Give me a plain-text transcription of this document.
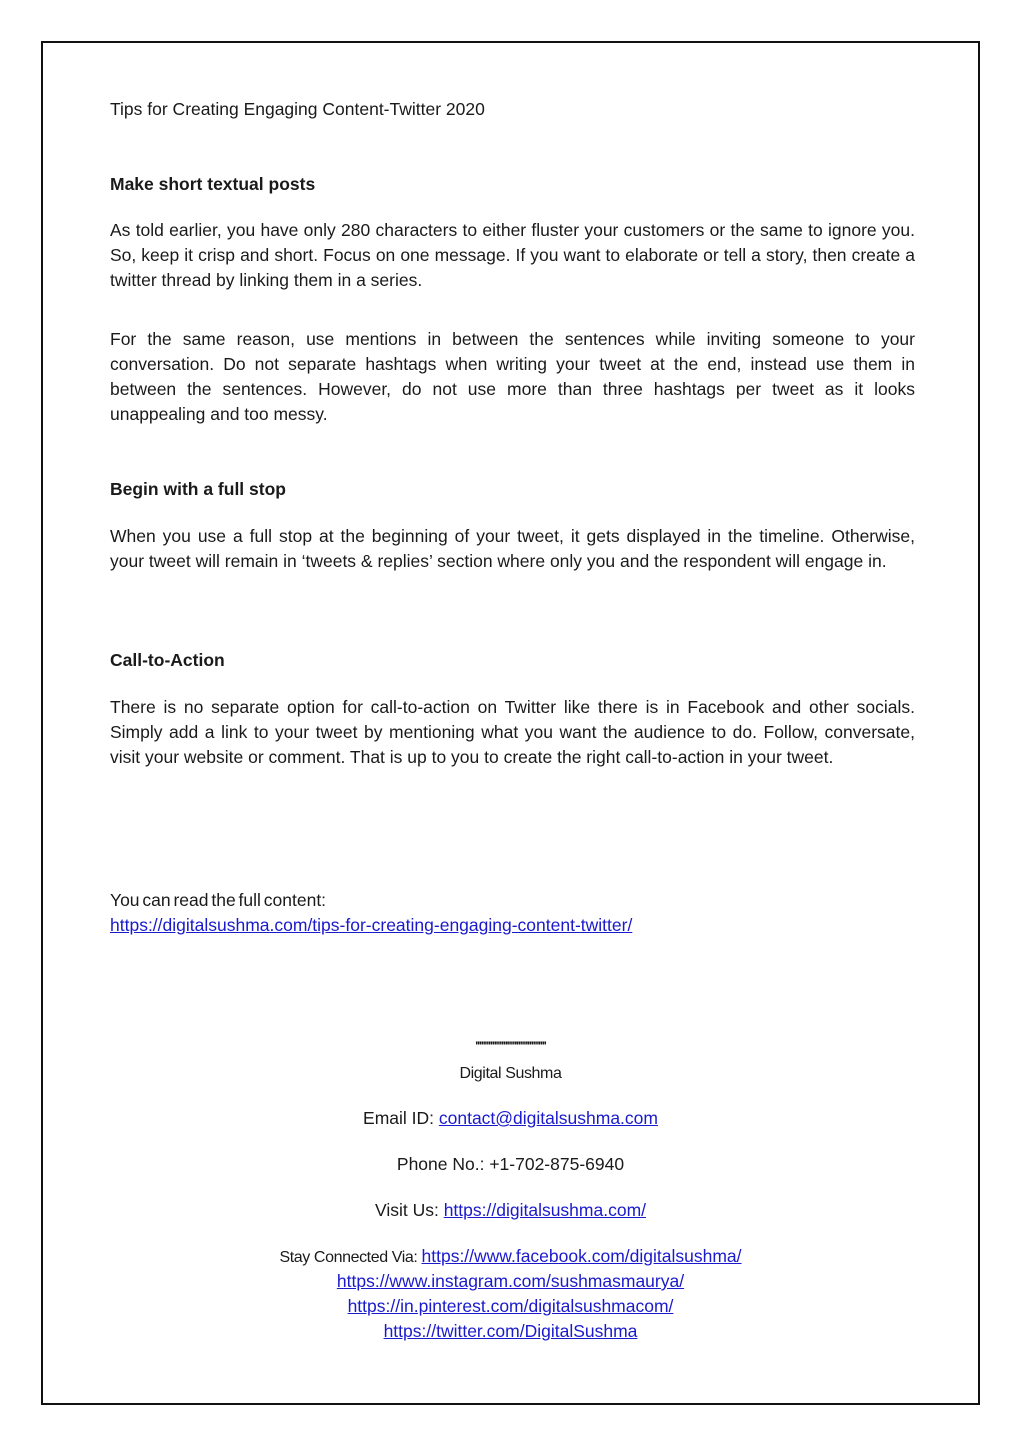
Tips for Creating Engaging Content-Twitter 2020

Make short textual posts

As told earlier, you have only 280 characters to either fluster your customers or the same to ignore you. So, keep it crisp and short. Focus on one message. If you want to elaborate or tell a story, then create a twitter thread by linking them in a series.

For the same reason, use mentions in between the sentences while inviting someone to your conversation. Do not separate hashtags when writing your tweet at the end, instead use them in between the sentences. However, do not use more than three hashtags per tweet as it looks unappealing and too messy.

Begin with a full stop

When you use a full stop at the beginning of your tweet, it gets displayed in the timeline. Otherwise, your tweet will remain in ‘tweets & replies’ section where only you and the respondent will engage in.

Call-to-Action

There is no separate option for call-to-action on Twitter like there is in Facebook and other socials. Simply add a link to your tweet by mentioning what you want the audience to do. Follow, conversate, visit your website or comment. That is up to you to create the right call-to-action in your tweet.

You can read the full content:
https://digitalsushma.com/tips-for-creating-engaging-content-twitter/
''''''''''''''''''''''''''''''''''''''
Digital Sushma
Email ID: contact@digitalsushma.com
Phone No.: +1-702-875-6940
Visit Us: https://digitalsushma.com/
Stay Connected Via: https://www.facebook.com/digitalsushma/
https://www.instagram.com/sushmasmaurya/
https://in.pinterest.com/digitalsushmacom/
https://twitter.com/DigitalSushma
